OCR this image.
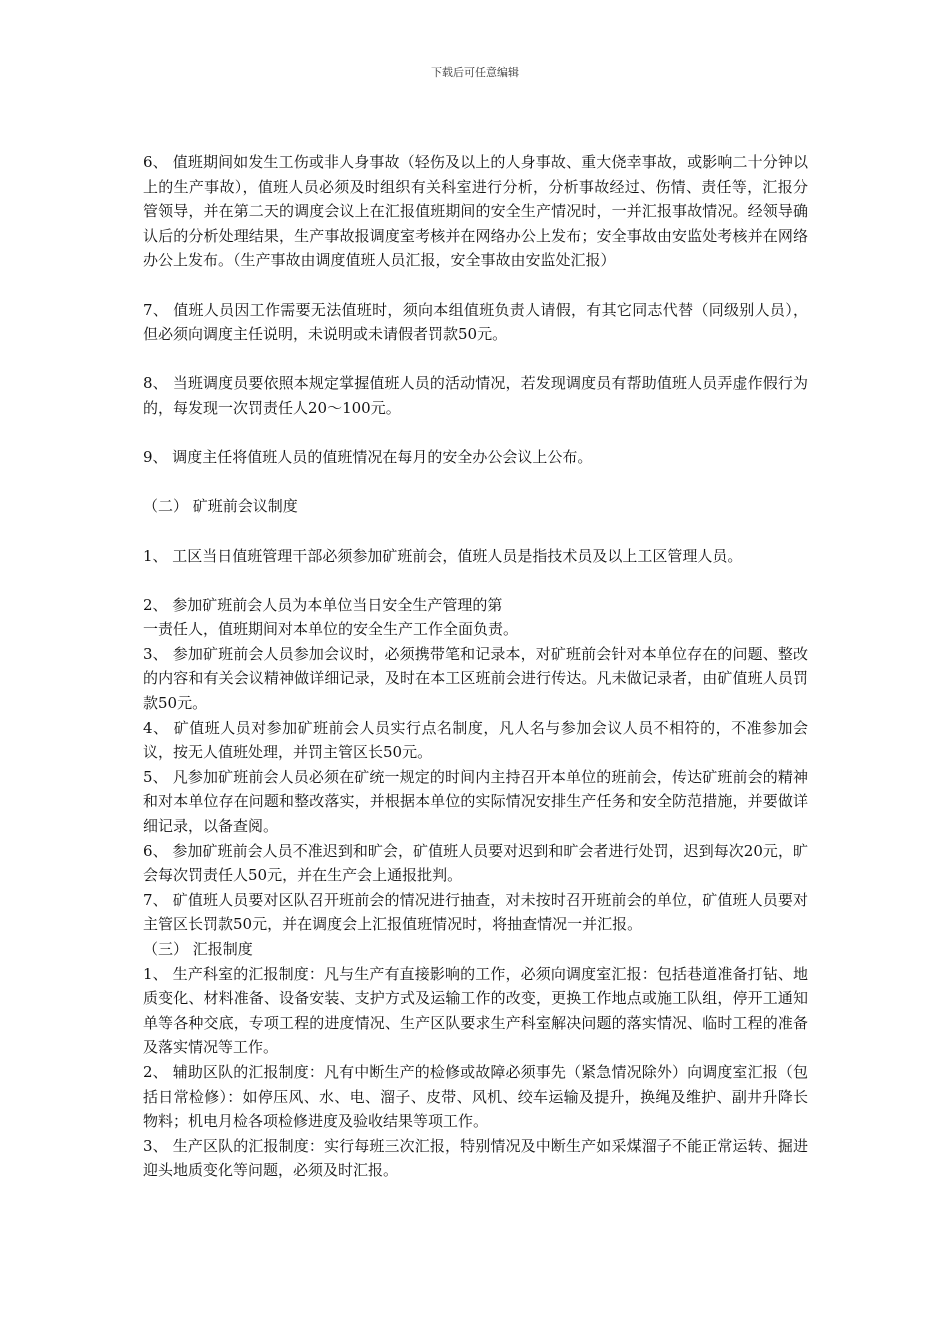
下载后可任意编辑

6、 值班期间如发生工伤或非人身事故（轻伤及以上的人身事故、重大侥幸事故，或影响二十分钟以上的生产事故），值班人员必须及时组织有关科室进行分析，分析事故经过、伤情、责任等，汇报分管领导，并在第二天的调度会议上在汇报值班期间的安全生产情况时，一并汇报事故情况。经领导确认后的分析处理结果，生产事故报调度室考核并在网络办公上发布；安全事故由安监处考核并在网络办公上发布。（生产事故由调度值班人员汇报，安全事故由安监处汇报）

7、 值班人员因工作需要无法值班时，须向本组值班负责人请假，有其它同志代替（同级别人员），但必须向调度主任说明，未说明或未请假者罚款50元。

8、 当班调度员要依照本规定掌握值班人员的活动情况，若发现调度员有帮助值班人员弄虚作假行为的，每发现一次罚责任人20～100元。

9、 调度主任将值班人员的值班情况在每月的安全办公会议上公布。

（二） 矿班前会议制度

1、 工区当日值班管理干部必须参加矿班前会，值班人员是指技术员及以上工区管理人员。

2、 参加矿班前会人员为本单位当日安全生产管理的第

一责任人，值班期间对本单位的安全生产工作全面负责。

3、 参加矿班前会人员参加会议时，必须携带笔和记录本，对矿班前会针对本单位存在的问题、整改的内容和有关会议精神做详细记录，及时在本工区班前会进行传达。凡未做记录者，由矿值班人员罚款50元。

4、 矿值班人员对参加矿班前会人员实行点名制度，凡人名与参加会议人员不相符的，不准参加会议，按无人值班处理，并罚主管区长50元。

5、 凡参加矿班前会人员必须在矿统一规定的时间内主持召开本单位的班前会，传达矿班前会的精神和对本单位存在问题和整改落实，并根据本单位的实际情况安排生产任务和安全防范措施，并要做详细记录，以备查阅。

6、 参加矿班前会人员不准迟到和旷会，矿值班人员要对迟到和旷会者进行处罚，迟到每次20元，旷会每次罚责任人50元，并在生产会上通报批判。

7、 矿值班人员要对区队召开班前会的情况进行抽查，对未按时召开班前会的单位，矿值班人员要对主管区长罚款50元，并在调度会上汇报值班情况时，将抽查情况一并汇报。

（三） 汇报制度

1、 生产科室的汇报制度：凡与生产有直接影响的工作，必须向调度室汇报：包括巷道准备打钻、地质变化、材料准备、设备安装、支护方式及运输工作的改变，更换工作地点或施工队组，停开工通知单等各种交底，专项工程的进度情况、生产区队要求生产科室解决问题的落实情况、临时工程的准备及落实情况等工作。

2、 辅助区队的汇报制度：凡有中断生产的检修或故障必须事先（紧急情况除外）向调度室汇报（包括日常检修）：如停压风、水、电、溜子、皮带、风机、绞车运输及提升，换绳及维护、副井升降长物料；机电月检各项检修进度及验收结果等项工作。

3、 生产区队的汇报制度：实行每班三次汇报，特别情况及中断生产如采煤溜子不能正常运转、掘进迎头地质变化等问题，必须及时汇报。
